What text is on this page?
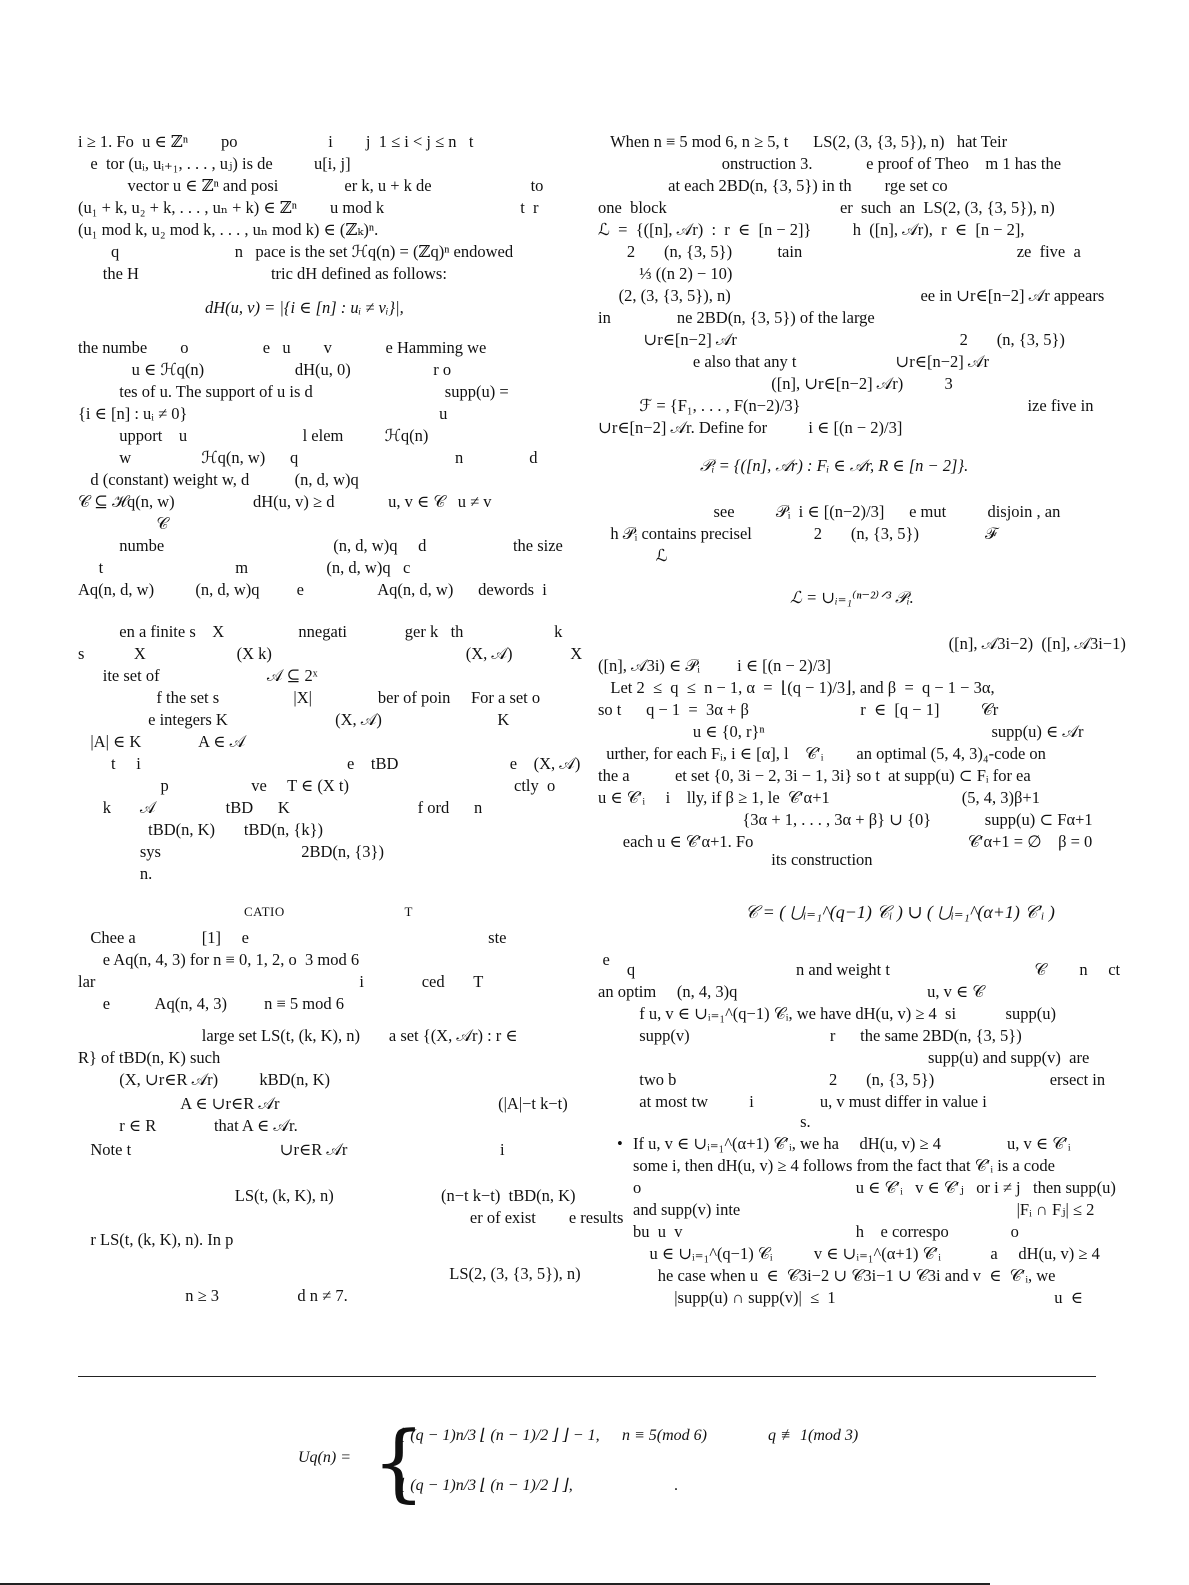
i ≥ 1. Fo  u ∈ ℤⁿ        po                      i        j  1 ≤ i < j ≤ n   t
e  tor (uᵢ, uᵢ₊₁, . . . , uⱼ) is de          u[i, j]
vector u ∈ ℤⁿ and posi                er k, u + k de                        to
(u₁ + k, u₂ + k, . . . , uₙ + k) ∈ ℤⁿ        u mod k                                 t  r
(u₁ mod k, u₂ mod k, . . . , uₙ mod k) ∈ (ℤₖ)ⁿ.
q                            n   pace is the set ℋq(n) = (ℤq)ⁿ endowed
the H                                tric dH defined as follows:
dH(u, v) = |{i ∈ [n] : uᵢ ≠ vᵢ}|,
the numbe        o                  e   u        v             e Hamming we
u ∈ ℋq(n)                      dH(u, 0)                    r o
tes of u. The support of u is d                                supp(u) =
{i ∈ [n] : uᵢ ≠ 0}                                                             u
upport    u                            l elem          ℋq(n)
w                 ℋq(n, w)      q                                      n                d
d (constant) weight w, d           (n, d, w)q
𝒞 ⊆ ℋq(n, w)                   dH(u, v) ≥ d             u, v ∈ 𝒞   u ≠ v
𝒞
numbe                                         (n, d, w)q     d                     the size
t                                m                   (n, d, w)q   c
Aq(n, d, w)          (n, d, w)q         e                  Aq(n, d, w)      dewords  i
en a finite s    X                  nnegati              ger k   th                      k
s            X                      (X k)                                               (X, 𝒜)              X
ite set of                          𝒜 ⊆ 2ˣ
f the set s                  |X|                ber of poin     For a set o
e integers K                          (X, 𝒜)                            K
|A| ∈ K              A ∈ 𝒜
t     i                                                  e    tBD                           e    (X, 𝒜)
p                    ve     T ∈ (X t)                                        ctly  o
k       𝒜                 tBD      K                               f ord      n
tBD(n, K)       tBD(n, {k})
sys                                  2BD(n, {3})
n.
CATIO                                T
Chee a                [1]     e                                                          ste
e Aq(n, 4, 3) for n ≡ 0, 1, 2, o  3 mod 6                                                           e
lar                                                                i              ced       T
e           Aq(n, 4, 3)         n ≡ 5 mod 6
large set LS(t, (k, K), n)       a set {(X, 𝒜r) : r ∈
R} of tBD(n, K) such
(X, ∪r∈R 𝒜r)          kBD(n, K)
A ∈ ∪r∈R 𝒜r                                                     (|A|−t k−t)
r ∈ R              that A ∈ 𝒜r.
Note t                                    ∪r∈R 𝒜r                                     i
LS(t, (k, K), n)                          (n−t k−t)  tBD(n, K)
er of exist        e results
r LS(t, (k, K), n). In p
LS(2, (3, {3, 5}), n)
n ≥ 3                   d n ≠ 7.
When n ≡ 5 mod 6, n ≥ 5, t      LS(2, (3, {3, 5}), n)   hat Teir
onstruction 3.             e proof of Theo    m 1 has the
at each 2BD(n, {3, 5}) in th        rge set co
one  block                                          er  such  an  LS(2, (3, {3, 5}), n)
ℒ  =  {([n], 𝒜r)  :  r  ∈  [n − 2]}          h  ([n], 𝒜r),  r  ∈  [n − 2],
2       (n, {3, 5})           tain                                                    ze  five  a
⅓ ((n 2) − 10)
(2, (3, {3, 5}), n)                                              ee in ∪r∈[n−2] 𝒜r appears
in                ne 2BD(n, {3, 5}) of the large
∪r∈[n−2] 𝒜r                                                      2       (n, {3, 5})
e also that any t                        ∪r∈[n−2] 𝒜r
([n], ∪r∈[n−2] 𝒜r)          3
ℱ = {F₁, . . . , F(n−2)/3}                                                       ize five in
∪r∈[n−2] 𝒜r. Define for          i ∈ [(n − 2)/3]
𝒫ᵢ = {([n], 𝒜r) : Fᵢ ∈ 𝒜r, R ∈ [n − 2]}.
see          𝒫ᵢ  i ∈ [(n−2)/3]      e mut          disjoin , an
h 𝒫ᵢ contains precisel               2       (n, {3, 5})                ℱ
ℒ
ℒ = ∪ᵢ₌₁⁽ⁿ⁻²⁾ᐟ³ 𝒫ᵢ.
([n], 𝒜3i−2)  ([n], 𝒜3i−1)
([n], 𝒜3i) ∈ 𝒫ᵢ         i ∈ [(n − 2)/3]
Let 2  ≤  q  ≤  n − 1, α  =  ⌊(q − 1)/3⌋, and β  =  q − 1 − 3α,
so t      q − 1  =  3α + β                           r  ∈  [q − 1]          𝒞r
u ∈ {0, r}ⁿ                                                       supp(u) ∈ 𝒜r
urther, for each Fᵢ, i ∈ [α], l    𝒞′ᵢ        an optimal (5, 4, 3)₄-code on
the a           et set {0, 3i − 2, 3i − 1, 3i} so t  at supp(u) ⊂ Fᵢ for ea
u ∈ 𝒞′ᵢ     i    lly, if β ≥ 1, le  𝒞′α+1                                (5, 4, 3)β+1
{3α + 1, . . . , 3α + β} ∪ {0}             supp(u) ⊂ Fα+1
each u ∈ 𝒞′α+1. Fo                                                    𝒞′α+1 = ∅    β = 0
its construction
𝒞 = ( ⋃ᵢ₌₁^(q−1) 𝒞ᵢ ) ∪ ( ⋃ᵢ₌₁^(α+1) 𝒞′ᵢ )
q                                       n and weight t                                   𝒞        n     ct
an optim     (n, 4, 3)q                                              u, v ∈ 𝒞
f u, v ∈ ∪ᵢ₌₁^(q−1) 𝒞ᵢ, we have dH(u, v) ≥ 4  si            supp(u)
supp(v)                                  r      the same 2BD(n, {3, 5})
supp(u) and supp(v)  are
two b                                     2       (n, {3, 5})                            ersect in
at most tw          i                u, v must differ in value i
s.
• If u, v ∈ ∪ᵢ₌₁^(α+1) 𝒞′ᵢ, we ha     dH(u, v) ≥ 4                u, v ∈ 𝒞′ᵢ
some i, then dH(u, v) ≥ 4 follows from the fact that 𝒞′ᵢ is a code
o                                                    u ∈ 𝒞′ᵢ   v ∈ 𝒞′ⱼ   or i ≠ j   then supp(u)
and supp(v) inte                                                                   |Fᵢ ∩ Fⱼ| ≤ 2
bu  u  v                                          h    e correspo               o
u ∈ ∪ᵢ₌₁^(q−1) 𝒞ᵢ          v ∈ ∪ᵢ₌₁^(α+1) 𝒞′ᵢ            a     dH(u, v) ≥ 4
he case when u  ∈  𝒞3i−2 ∪ 𝒞3i−1 ∪ 𝒞3i and v  ∈  𝒞′ᵢ, we
|supp(u) ∩ supp(v)|  ≤  1                                                     u  ∈
Uq(n) = {
⌊ (q − 1)n/3 ⌊ (n − 1)/2 ⌋ ⌋ − 1, n ≡ 5(mod 6)	q ≢ 1(mod 3)
⌊ (q − 1)n/3 ⌊ (n − 1)/2 ⌋ ⌋,	.
